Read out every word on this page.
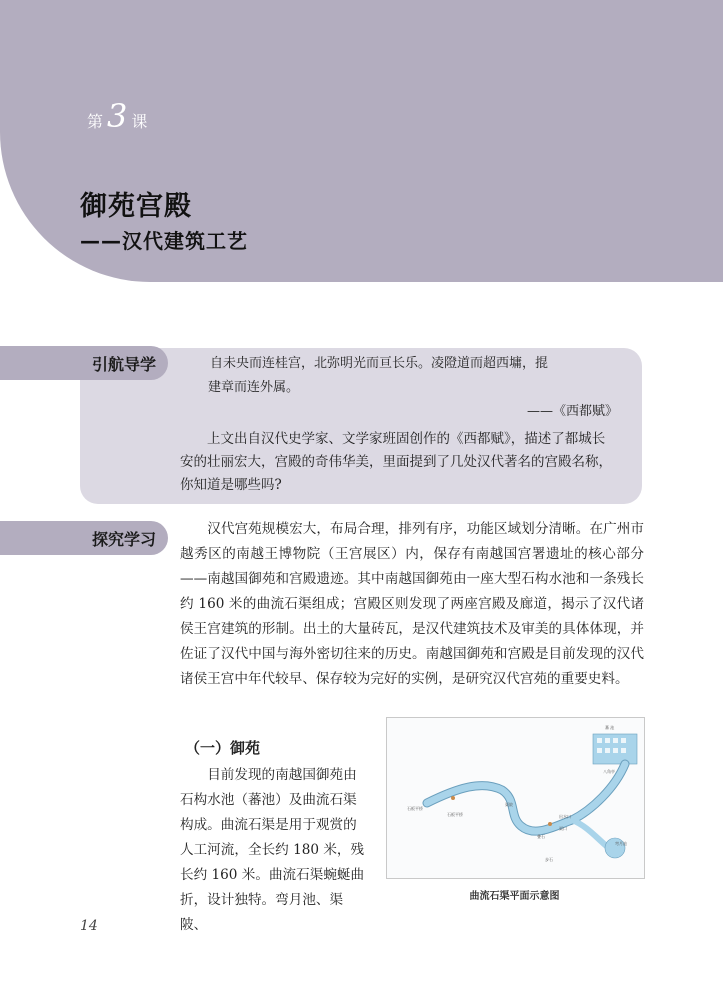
第 3 课
御苑宫殿
——汉代建筑工艺
引航导学	自未央而连桂宫，北弥明光而亘长乐。凌隥道而超西墉，掍

建章而连外属。

——《西都赋》

上文出自汉代史学家、文学家班固创作的《西都赋》，描述了都城长

安的壮丽宏大，宫殿的奇伟华美，里面提到了几处汉代著名的宫殿名称，

你知道是哪些吗?

探究学习

汉代宫苑规模宏大，布局合理，排列有序，功能区域划分清晰。在广州市越秀区的南越王博物院（王宫展区）内，保存有南越国宫署遗址的核心部分——南越国御苑和宫殿遗迹。其中南越国御苑由一座大型石构水池和一条残长约 160 米的曲流石渠组成；宫殿区则发现了两座宫殿及廊道，揭示了汉代诸侯王宫建筑的形制。出土的大量砖瓦，是汉代建筑技术及审美的具体体现，并佐证了汉代中国与海外密切往来的历史。南越国御苑和宫殿是目前发现的汉代诸侯王宫中年代较早、保存较为完好的实例，是研究汉代宫苑的重要史料。

（一）御苑

目前发现的南越国御苑由石构水池（蕃池）及曲流石渠构成。曲流石渠是用于观赏的人工河流，全长约 180 米，残长约 160 米。曲流石渠蜿蜒曲折，设计独特。弯月池、渠陂、

蕃 池
八角亭
石板平桥
渠陂
弯月池
渠口
叠石
步石
出水口
石板平桥
曲流石渠平面示意图
14
